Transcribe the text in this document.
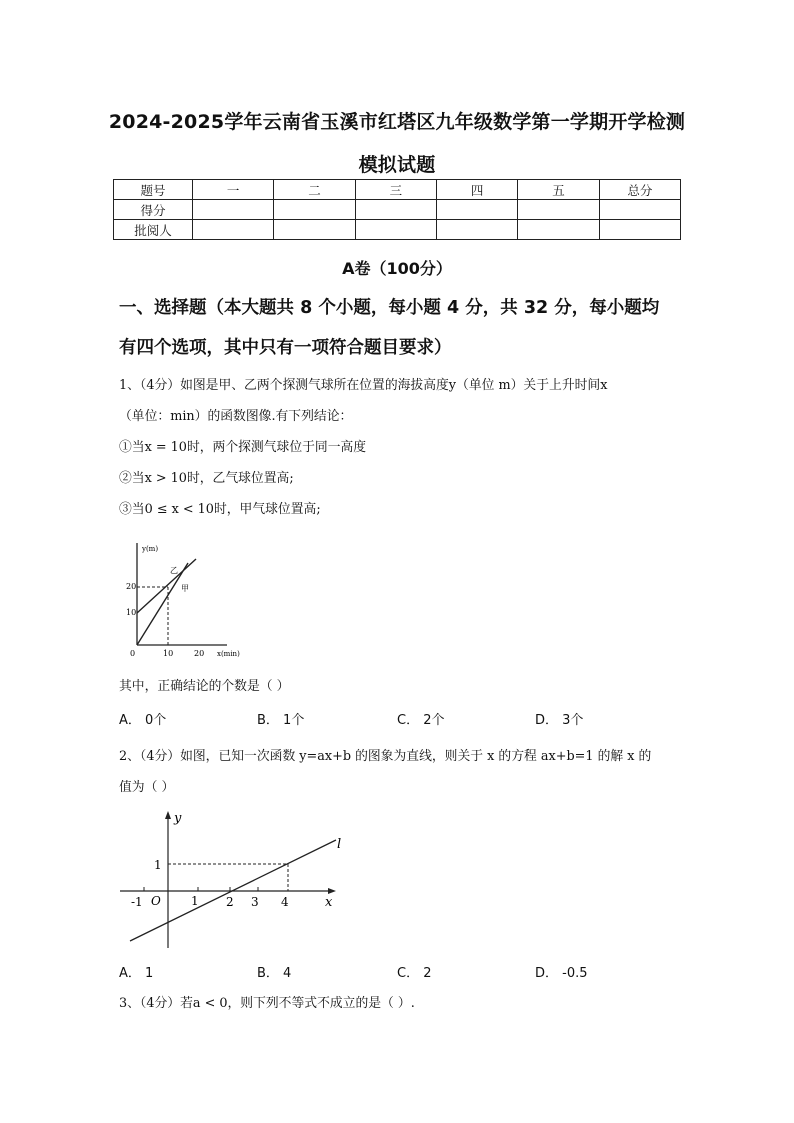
2024-2025学年云南省玉溪市红塔区九年级数学第一学期开学检测
模拟试题
题号	一	二	三	四	五	总分
得分						
批阅人						
A卷（100分）
一、选择题（本大题共 8 个小题，每小题 4 分，共 32 分，每小题均
有四个选项，其中只有一项符合题目要求）
1、（4分）如图是甲、乙两个探测气球所在位置的海拔高度y（单位 m）关于上升时间x
（单位：min）的函数图像.有下列结论：
①当x = 10时，两个探测气球位于同一高度
②当x > 10时，乙气球位置高;
③当0 ≤ x < 10时，甲气球位置高;
y(m)
x(min)
20
10
0	10	20
乙
甲
其中，正确结论的个数是（ ）
A． 0个	B． 1个	C． 2个	D． 3个
2、（4分）如图，已知一次函数 y=ax+b 的图象为直线，则关于 x 的方程 ax+b=1 的解 x 的
值为（ ）
y
x
l
O
1
-1	1 2 3 4
A． 1	B． 4	C． 2	D． -0.5
3、（4分）若a < 0，则下列不等式不成立的是（ ）.
